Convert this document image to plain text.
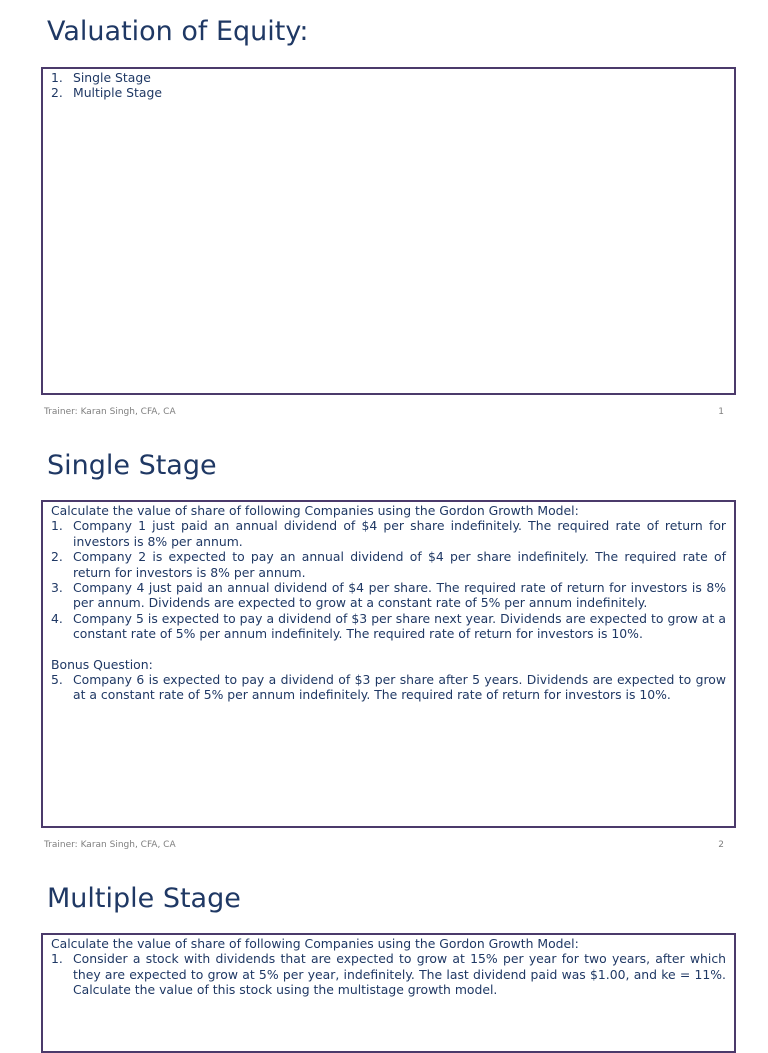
Valuation of Equity:
1. Single Stage
2. Multiple Stage
Trainer: Karan Singh, CFA, CA	1
Single Stage

Calculate the value of share of following Companies using the Gordon Growth Model:

1. Company 1 just paid an annual dividend of $4 per share indefinitely. The required rate of return for investors is 8% per annum.
2. Company 2 is expected to pay an annual dividend of $4 per share indefinitely. The required rate of return for investors is 8% per annum.
3. Company 4 just paid an annual dividend of $4 per share. The required rate of return for investors is 8% per annum. Dividends are expected to grow at a constant rate of 5% per annum indefinitely.
4. Company 5 is expected to pay a dividend of $3 per share next year. Dividends are expected to grow at a constant rate of 5% per annum indefinitely. The required rate of return for investors is 10%.

Bonus Question:

5. Company 6 is expected to pay a dividend of $3 per share after 5 years. Dividends are expected to grow at a constant rate of 5% per annum indefinitely. The required rate of return for investors is 10%.
Trainer: Karan Singh, CFA, CA	2
Multiple Stage

Calculate the value of share of following Companies using the Gordon Growth Model:

1. Consider a stock with dividends that are expected to grow at 15% per year for two years, after which they are expected to grow at 5% per year, indefinitely. The last dividend paid was $1.00, and ke = 11%. Calculate the value of this stock using the multistage growth model.
